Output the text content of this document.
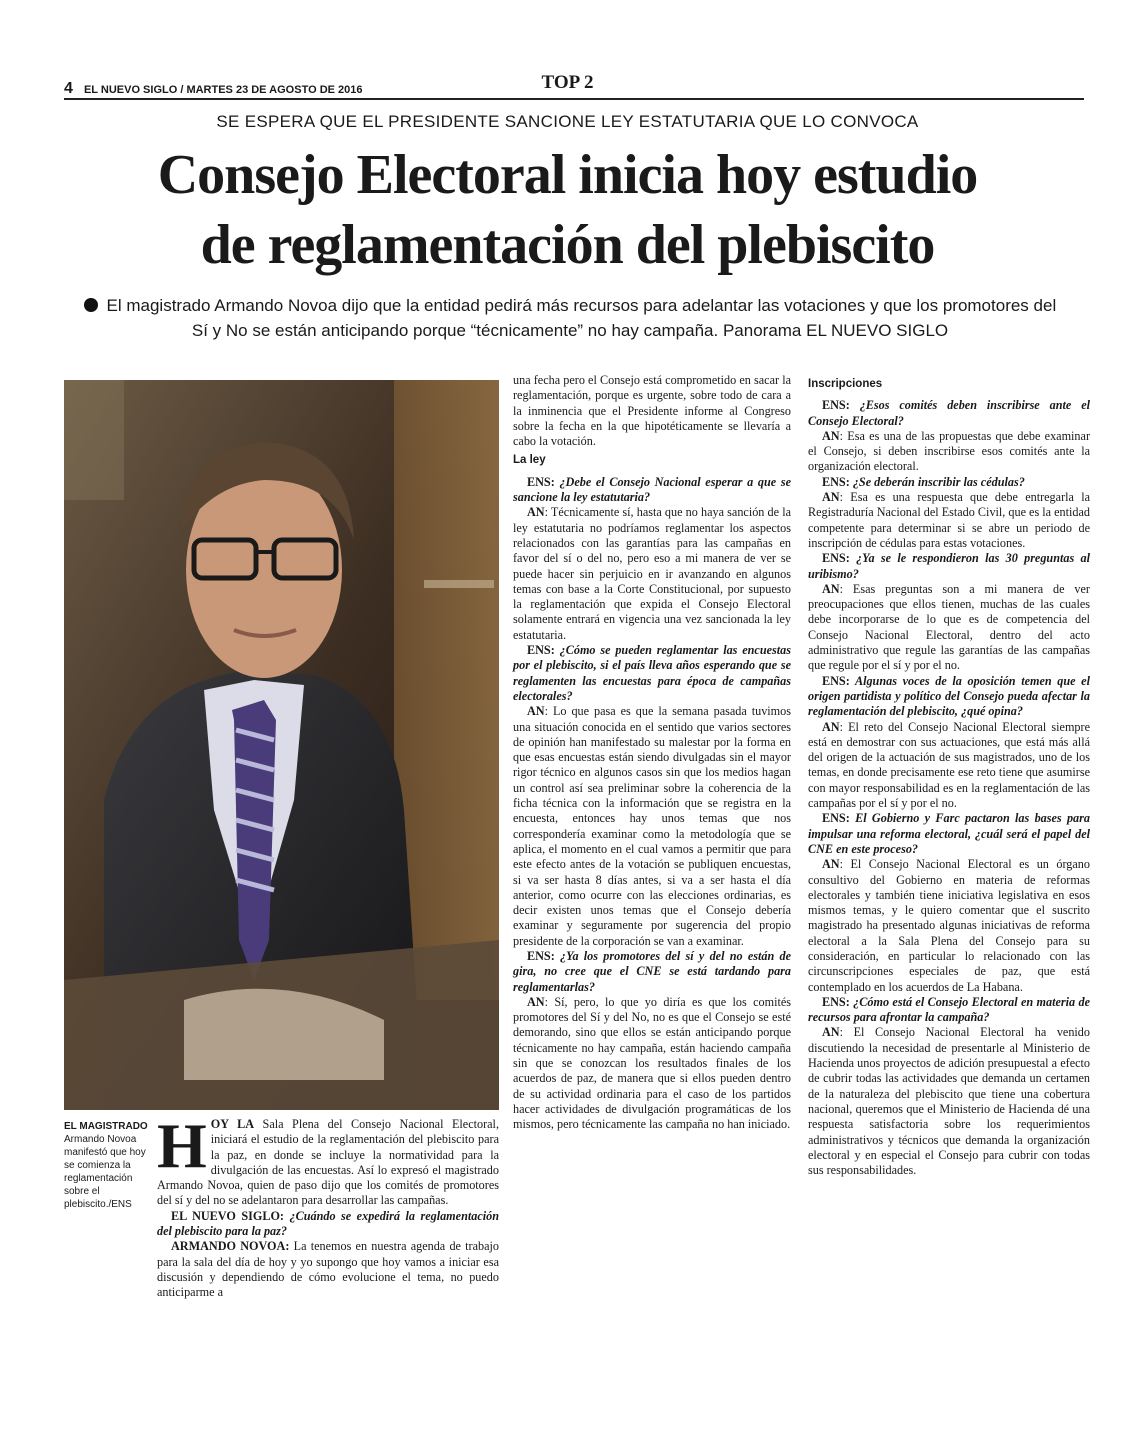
4 EL NUEVO SIGLO / MARTES 23 DE AGOSTO DE 2016	TOP 2
SE ESPERA QUE EL PRESIDENTE SANCIONE LEY ESTATUTARIA QUE LO CONVOCA
Consejo Electoral inicia hoy estudio
de reglamentación del plebiscito
El magistrado Armando Novoa dijo que la entidad pedirá más recursos para adelantar las votaciones y que los promotores del Sí y No se están anticipando porque “técnicamente” no hay campaña. Panorama EL NUEVO SIGLO
EL MAGISTRADO
Armando Novoa manifestó que hoy se comienza la reglamentación sobre el plebiscito./ENS
H OY LA Sala Plena del Consejo Nacional Electoral, iniciará el estudio de la reglamentación del plebiscito para la paz, en donde se incluye la normatividad para la divulgación de las encuestas. Así lo expresó el magistrado Armando Novoa, quien de paso dijo que los comités de promotores del sí y del no se adelantaron para desarrollar las campañas.

EL NUEVO SIGLO: ¿Cuándo se expedirá la reglamentación del plebiscito para la paz?

ARMANDO NOVOA: La tenemos en nuestra agenda de trabajo para la sala del día de hoy y yo supongo que hoy vamos a iniciar esa discusión y dependiendo de cómo evolucione el tema, no puedo anticiparme a

una fecha pero el Consejo está comprometido en sacar la reglamentación, porque es urgente, sobre todo de cara a la inminencia que el Presidente informe al Congreso sobre la fecha en la que hipotéticamente se llevaría a cabo la votación.
La ley

ENS: ¿Debe el Consejo Nacional esperar a que se sancione la ley estatutaria?

AN: Técnicamente sí, hasta que no haya sanción de la ley estatutaria no podríamos reglamentar los aspectos relacionados con las garantías para las campañas en favor del sí o del no, pero eso a mi manera de ver se puede hacer sin perjuicio en ir avanzando en algunos temas con base a la Corte Constitucional, por supuesto la reglamentación que expida el Consejo Electoral solamente entrará en vigencia una vez sancionada la ley estatutaria.

ENS: ¿Cómo se pueden reglamentar las encuestas por el plebiscito, si el país lleva años esperando que se reglamenten las encuestas para época de campañas electorales?

AN: Lo que pasa es que la semana pasada tuvimos una situación conocida en el sentido que varios sectores de opinión han manifestado su malestar por la forma en que esas encuestas están siendo divulgadas sin el mayor rigor técnico en algunos casos sin que los medios hagan un control así sea preliminar sobre la coherencia de la ficha técnica con la información que se registra en la encuesta, entonces hay unos temas que nos correspondería examinar como la metodología que se aplica, el momento en el cual vamos a permitir que para este efecto antes de la votación se publiquen encuestas, si va ser hasta 8 días antes, si va a ser hasta el día anterior, como ocurre con las elecciones ordinarias, es decir existen unos temas que el Consejo debería examinar y seguramente por sugerencia del propio presidente de la corporación se van a examinar.

ENS: ¿Ya los promotores del sí y del no están de gira, no cree que el CNE se está tardando para reglamentarlas?

AN: Sí, pero, lo que yo diría es que los comités promotores del Sí y del No, no es que el Consejo se esté demorando, sino que ellos se están anticipando porque técnicamente no hay campaña, están haciendo campaña sin que se conozcan los resultados finales de los acuerdos de paz, de manera que si ellos pueden dentro de su actividad ordinaria para el caso de los partidos hacer actividades de divulgación programáticas de los mismos, pero técnicamente las campaña no han iniciado.

Inscripciones

ENS: ¿Esos comités deben inscribirse ante el Consejo Electoral?

AN: Esa es una de las propuestas que debe examinar el Consejo, si deben inscribirse esos comités ante la organización electoral.

ENS: ¿Se deberán inscribir las cédulas?

AN: Esa es una respuesta que debe entregarla la Registraduría Nacional del Estado Civil, que es la entidad competente para determinar si se abre un periodo de inscripción de cédulas para estas votaciones.

ENS: ¿Ya se le respondieron las 30 preguntas al uribismo?

AN: Esas preguntas son a mi manera de ver preocupaciones que ellos tienen, muchas de las cuales debe incorporarse de lo que es de competencia del Consejo Nacional Electoral, dentro del acto administrativo que regule las garantías de las campañas que regule por el sí y por el no.

ENS: Algunas voces de la oposición temen que el origen partidista y político del Consejo pueda afectar la reglamentación del plebiscito, ¿qué opina?

AN: El reto del Consejo Nacional Electoral siempre está en demostrar con sus actuaciones, que está más allá del origen de la actuación de sus magistrados, uno de los temas, en donde precisamente ese reto tiene que asumirse con mayor responsabilidad es en la reglamentación de las campañas por el sí y por el no.

ENS: El Gobierno y Farc pactaron las bases para impulsar una reforma electoral, ¿cuál será el papel del CNE en este proceso?

AN: El Consejo Nacional Electoral es un órgano consultivo del Gobierno en materia de reformas electorales y también tiene iniciativa legislativa en esos mismos temas, y le quiero comentar que el suscrito magistrado ha presentado algunas iniciativas de reforma electoral a la Sala Plena del Consejo para su consideración, en particular lo relacionado con las circunscripciones especiales de paz, que está contemplado en los acuerdos de La Habana.

ENS: ¿Cómo está el Consejo Electoral en materia de recursos para afrontar la campaña?

AN: El Consejo Nacional Electoral ha venido discutiendo la necesidad de presentarle al Ministerio de Hacienda unos proyectos de adición presupuestal a efecto de cubrir todas las actividades que demanda un certamen de la naturaleza del plebiscito que tiene una cobertura nacional, queremos que el Ministerio de Hacienda dé una respuesta satisfactoria sobre los requerimientos administrativos y técnicos que demanda la organización electoral y en especial el Consejo para cubrir con todas sus responsabilidades.
